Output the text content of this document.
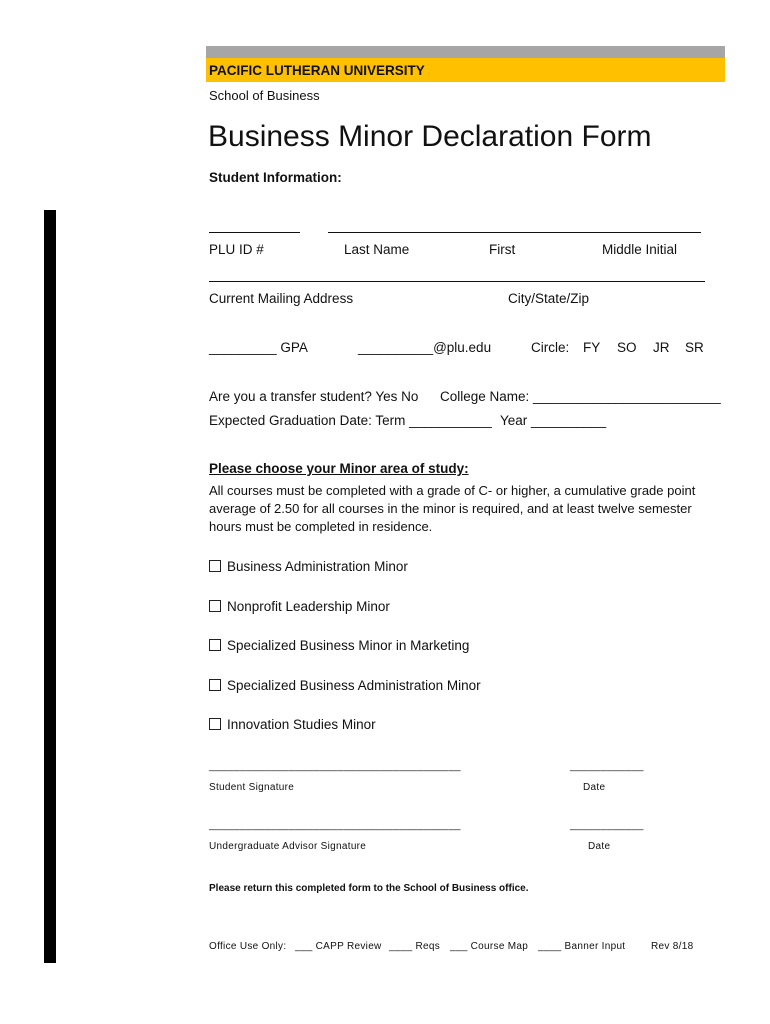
PACIFIC LUTHERAN UNIVERSITY
School of Business
Business Minor Declaration Form
Student Information:
PLU ID #	Last Name	First	Middle Initial
Current Mailing Address	City/State/Zip
_________ GPA	__________@plu.edu	Circle: FY SO JR SR
Are you a transfer student? Yes No College Name: _________________________
Expected Graduation Date: Term ___________ Year __________
Please choose your Minor area of study:
All courses must be completed with a grade of C- or higher, a cumulative grade point average of 2.50 for all courses in the minor is required, and at least twelve semester hours must be completed in residence.
Business Administration Minor
Nonprofit Leadership Minor
Specialized Business Minor in Marketing
Specialized Business Administration Minor
Innovation Studies Minor
_________________________________________	____________
Student Signature	Date
_________________________________________	____________
Undergraduate Advisor Signature	Date
Please return this completed form to the School of Business office.
Office Use Only: ___ CAPP Review ____ Reqs ___ Course Map ____ Banner Input	Rev 8/18
